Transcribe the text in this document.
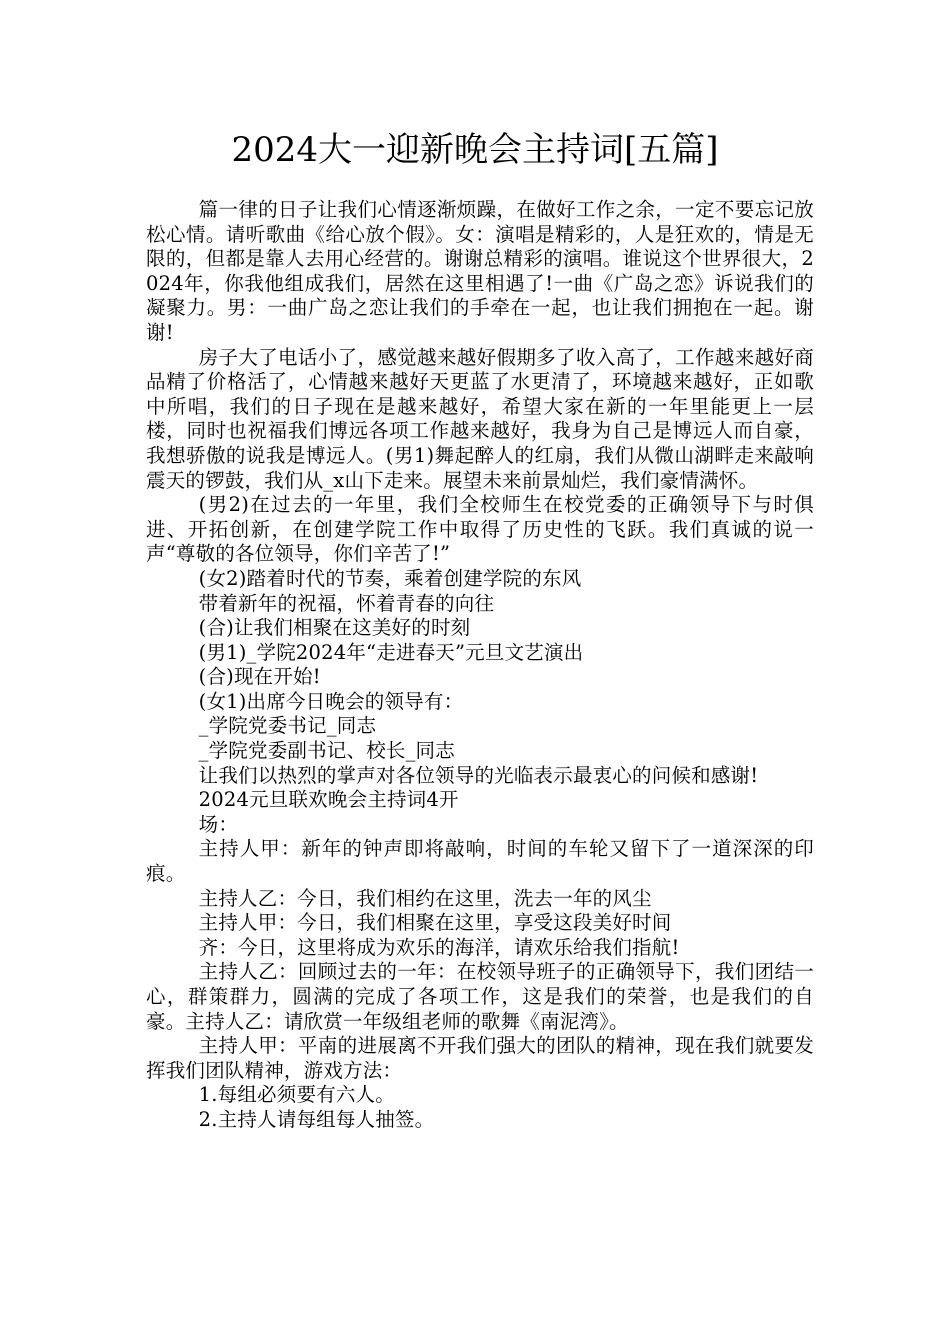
2024大一迎新晚会主持词[五篇]

篇一律的日子让我们心情逐渐烦躁，在做好工作之余，一定不要忘记放松心情。请听歌曲《给心放个假》。女：演唱是精彩的，人是狂欢的，情是无限的，但都是靠人去用心经营的。谢谢总精彩的演唱。谁说这个世界很大，2024年，你我他组成我们，居然在这里相遇了!一曲《广岛之恋》诉说我们的凝聚力。男：一曲广岛之恋让我们的手牵在一起，也让我们拥抱在一起。谢谢!

房子大了电话小了，感觉越来越好假期多了收入高了，工作越来越好商品精了价格活了，心情越来越好天更蓝了水更清了，环境越来越好，正如歌中所唱，我们的日子现在是越来越好，希望大家在新的一年里能更上一层楼，同时也祝福我们博远各项工作越来越好，我身为自己是博远人而自豪，我想骄傲的说我是博远人。(男1)舞起醉人的红扇，我们从微山湖畔走来敲响震天的锣鼓，我们从_x山下走来。展望未来前景灿烂，我们豪情满怀。

(男2)在过去的一年里，我们全校师生在校党委的正确领导下与时俱进、开拓创新，在创建学院工作中取得了历史性的飞跃。我们真诚的说一声“尊敬的各位领导，你们辛苦了!”

(女2)踏着时代的节奏，乘着创建学院的东风

带着新年的祝福，怀着青春的向往

(合)让我们相聚在这美好的时刻

(男1)_学院2024年“走进春天”元旦文艺演出

(合)现在开始!

(女1)出席今日晚会的领导有：

_学院党委书记_同志

_学院党委副书记、校长_同志

让我们以热烈的掌声对各位领导的光临表示最衷心的问候和感谢!

2024元旦联欢晚会主持词4开

场：

主持人甲：新年的钟声即将敲响，时间的车轮又留下了一道深深的印痕。

主持人乙：今日，我们相约在这里，洗去一年的风尘

主持人甲：今日，我们相聚在这里，享受这段美好时间

齐：今日，这里将成为欢乐的海洋，请欢乐给我们指航!

主持人乙：回顾过去的一年：在校领导班子的正确领导下，我们团结一心，群策群力，圆满的完成了各项工作，这是我们的荣誉，也是我们的自豪。主持人乙：请欣赏一年级组老师的歌舞《南泥湾》。

主持人甲：平南的进展离不开我们强大的团队的精神，现在我们就要发挥我们团队精神，游戏方法：

1.每组必须要有六人。

2.主持人请每组每人抽签。
